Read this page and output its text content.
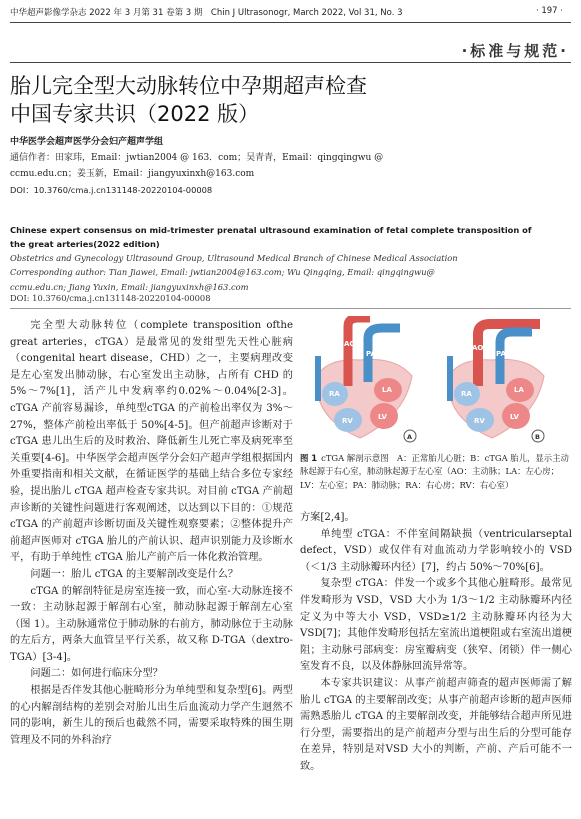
中华超声影像学杂志 2022 年 3 月第 31 卷第 3 期　Chin J Ultrasonogr, March 2022, Vol 31, No. 3	· 197 ·
·标准与规范·
胎儿完全型大动脉转位中孕期超声检查
中国专家共识（2022 版）
中华医学会超声医学分会妇产超声学组
通信作者：田家玮，Email：jwtian2004 @ 163．com；吴青青，Email：qingqingwu @
ccmu.edu.cn；姜玉新，Email：jiangyuxinxh@163.com
DOI：10.3760/cma.j.cn131148-20220104-00008
Chinese expert consensus on mid-trimester prenatal ultrasound examination of fetal complete transposition of
the great arteries(2022 edition)
Obstetrics and Gynecology Ultrasound Group, Ultrasound Medical Branch of Chinese Medical Association
Corresponding author: Tian Jiawei, Email: jwtian2004@163.com; Wu Qingqing, Email: qingqingwu@
ccmu.edu.cn; Jiang Yuxin, Email: jiangyuxinxh@163.com
DOI: 10.3760/cma.j.cn131148-20220104-00008

完全型大动脉转位（complete transposition ofthe great arteries，cTGA）是最常见的发绀型先天性心脏病（congenital heart disease，CHD）之一，主要病理改变是左心室发出肺动脉，右心室发出主动脉，占所有 CHD 的 5%～7%[1]，活产儿中发病率约0.02%～0.04%[2-3]。cTGA 产前容易漏诊，单纯型cTGA 的产前检出率仅为 3%～27%，整体产前检出率低于 50%[4-5]。但产前超声诊断对于 cTGA 患儿出生后的及时救治、降低新生儿死亡率及病死率至关重要[4-6]。中华医学会超声医学分会妇产超声学组根据国内外重要指南和相关文献，在循证医学的基础上结合多位专家经验，提出胎儿 cTGA 超声检查专家共识。对目前 cTGA 产前超声诊断的关键性问题进行客观阐述，以达到以下目的：①规范 cTGA 的产前超声诊断切面及关键性观察要素；②整体提升产前超声医师对 cTGA 胎儿的产前认识、超声识别能力及诊断水平，有助于单纯性 cTGA 胎儿产前产后一体化救治管理。

问题一：胎儿 cTGA 的主要解剖改变是什么？

cTGA 的解剖特征是房室连接一致，而心室-大动脉连接不一致：主动脉起源于解剖右心室，肺动脉起源于解剖左心室（图 1）。主动脉通常位于肺动脉的右前方，肺动脉位于主动脉的左后方，两条大血管呈平行关系，故又称 D-TGA（dextro-TGA）[3-4]。

问题二：如何进行临床分型？

根据是否伴发其他心脏畸形分为单纯型和复杂型[6]。两型的心内解剖结构的差别会对胎儿出生后血流动力学产生迥然不同的影响，新生儿的预后也截然不同，需要采取特殊的围生期管理及不同的外科治疗

AO
PA
LA
RA
RV	LV
A
PA
AO
LA
RA
LV
RV
B
图 1 cTGA 解剖示意图　A：正常胎儿心脏；B：cTGA 胎儿，显示主动脉起源于右心室，肺动脉起源于左心室（AO：主动脉；LA：左心房；LV：左心室；PA：肺动脉；RA：右心房；RV：右心室）
方案[2,4]。

单纯型 cTGA：不伴室间隔缺损（ventricularseptal defect，VSD）或仅伴有对血流动力学影响较小的 VSD（＜1/3 主动脉瓣环内径）[7]，约占 50%～70%[6]。

复杂型 cTGA：伴发一个或多个其他心脏畸形。最常见伴发畸形为 VSD，VSD 大小为 1/3～1/2 主动脉瓣环内径定义为中等大小 VSD，VSD≥1/2 主动脉瓣环内径为大 VSD[7]；其他伴发畸形包括左室流出道梗阻或右室流出道梗阻；主动脉弓部病变：房室瓣病变（狭窄、闭锁）伴一侧心室发育不良，以及体静脉回流异常等。

本专家共识建议：从事产前超声筛查的超声医师需了解胎儿 cTGA 的主要解剖改变；从事产前超声诊断的超声医师需熟悉胎儿 cTGA 的主要解剖改变，并能够结合超声所见进行分型，需要指出的是产前超声分型与出生后的分型可能存在差异，特别是对VSD 大小的判断，产前、产后可能不一致。
